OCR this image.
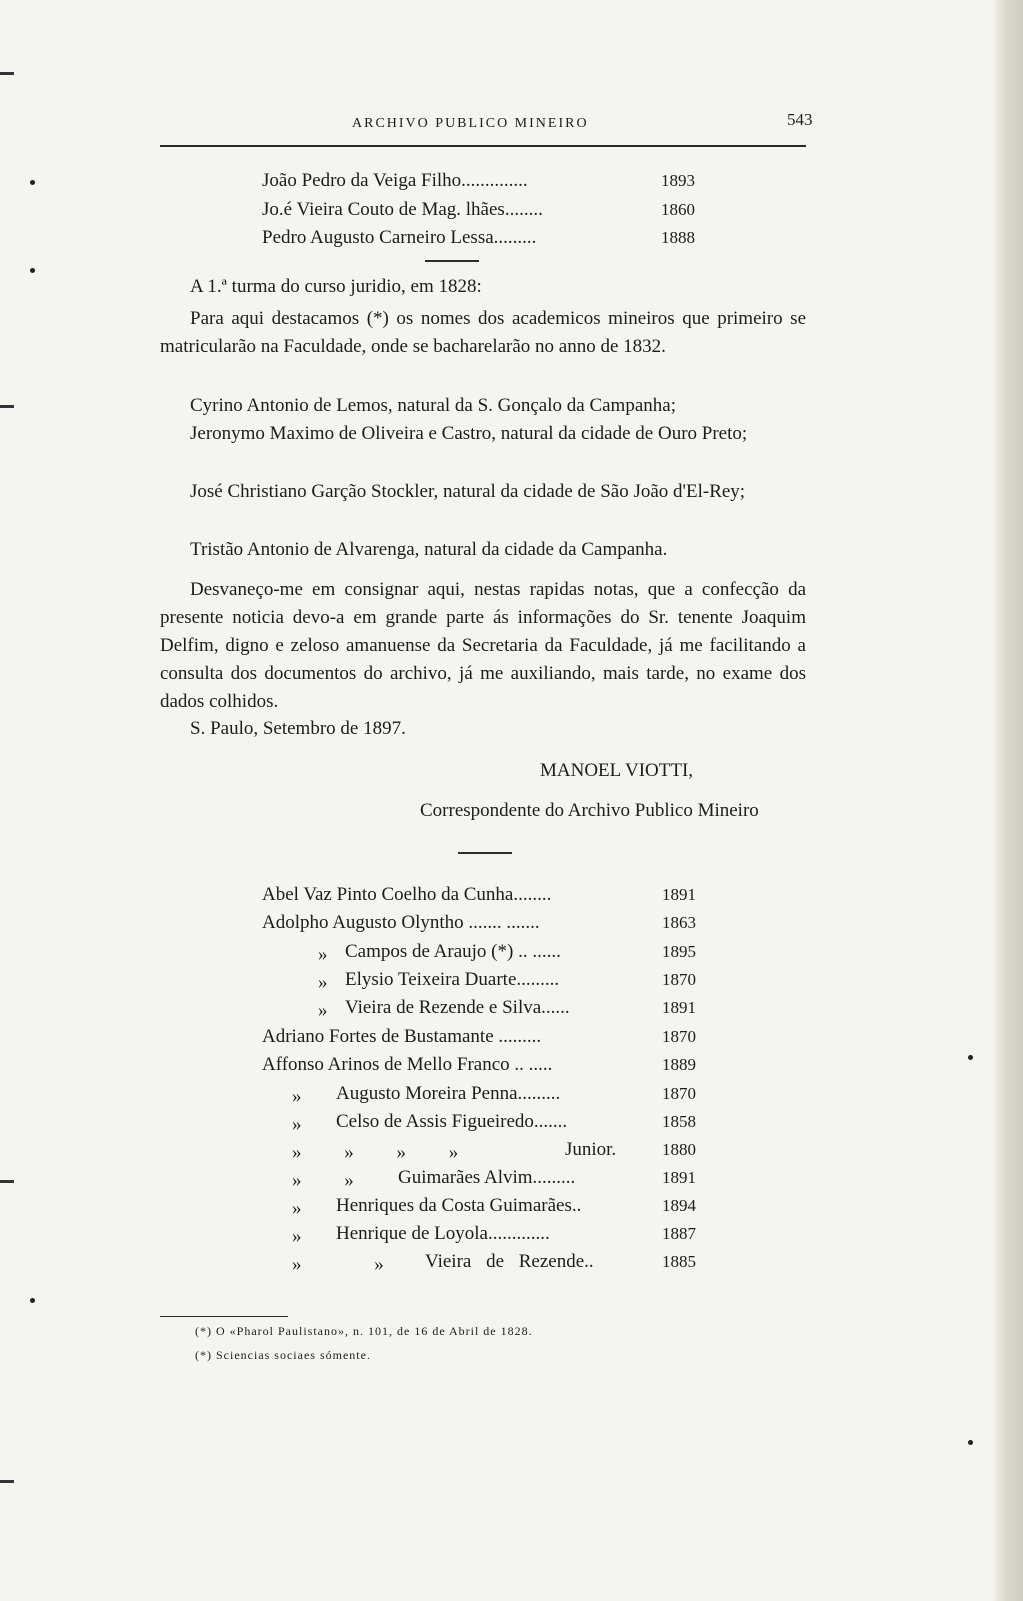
ARCHIVO PUBLICO MINEIRO	543
João Pedro da Veiga Filho..............	1893
Jo.é Vieira Couto de Mag. lhães........	1860
Pedro Augusto Carneiro Lessa.........	1888
A 1.ª turma do curso juridio, em 1828:
Para aqui destacamos (*) os nomes dos academicos mineiros que primeiro se matricularão na Faculdade, onde se bacharelarão no anno de 1832.
Cyrino Antonio de Lemos, natural da S. Gonçalo da Campanha;
Jeronymo Maximo de Oliveira e Castro, natural da cidade de Ouro Preto;
José Christiano Garção Stockler, natural da cidade de São João d'El-Rey;
Tristão Antonio de Alvarenga, natural da cidade da Campanha.
Desvaneço-me em consignar aqui, nestas rapidas notas, que a confecção da presente noticia devo-a em grande parte ás informações do Sr. tenente Joaquim Delfim, digno e zeloso amanuense da Secretaria da Faculdade, já me facilitando a consulta dos documentos do archivo, já me auxiliando, mais tarde, no exame dos dados colhidos.
S. Paulo, Setembro de 1897.
MANOEL VIOTTI,
Correspondente do Archivo Publico Mineiro
Abel Vaz Pinto Coelho da Cunha........	1891
Adolpho Augusto Olyntho ....... .......	1863
» Campos de Araujo (*) .. ......	1895
» Elysio Teixeira Duarte.........	1870
» Vieira de Rezende e Silva......	1891
Adriano Fortes de Bustamante .........	1870
Affonso Arinos de Mello Franco .. .....	1889
» Augusto Moreira Penna.........	1870
» Celso de Assis Figueiredo.......	1858
» » » »	Junior.	1880
» » Guimarães Alvim.........	1891
» Henriques da Costa Guimarães..	1894
» Henrique de Loyola.............	1887
» » Vieira de Rezende..	1885
(*) O «Pharol Paulistano», n. 101, de 16 de Abril de 1828.
(*) Sciencias sociaes sómente.
